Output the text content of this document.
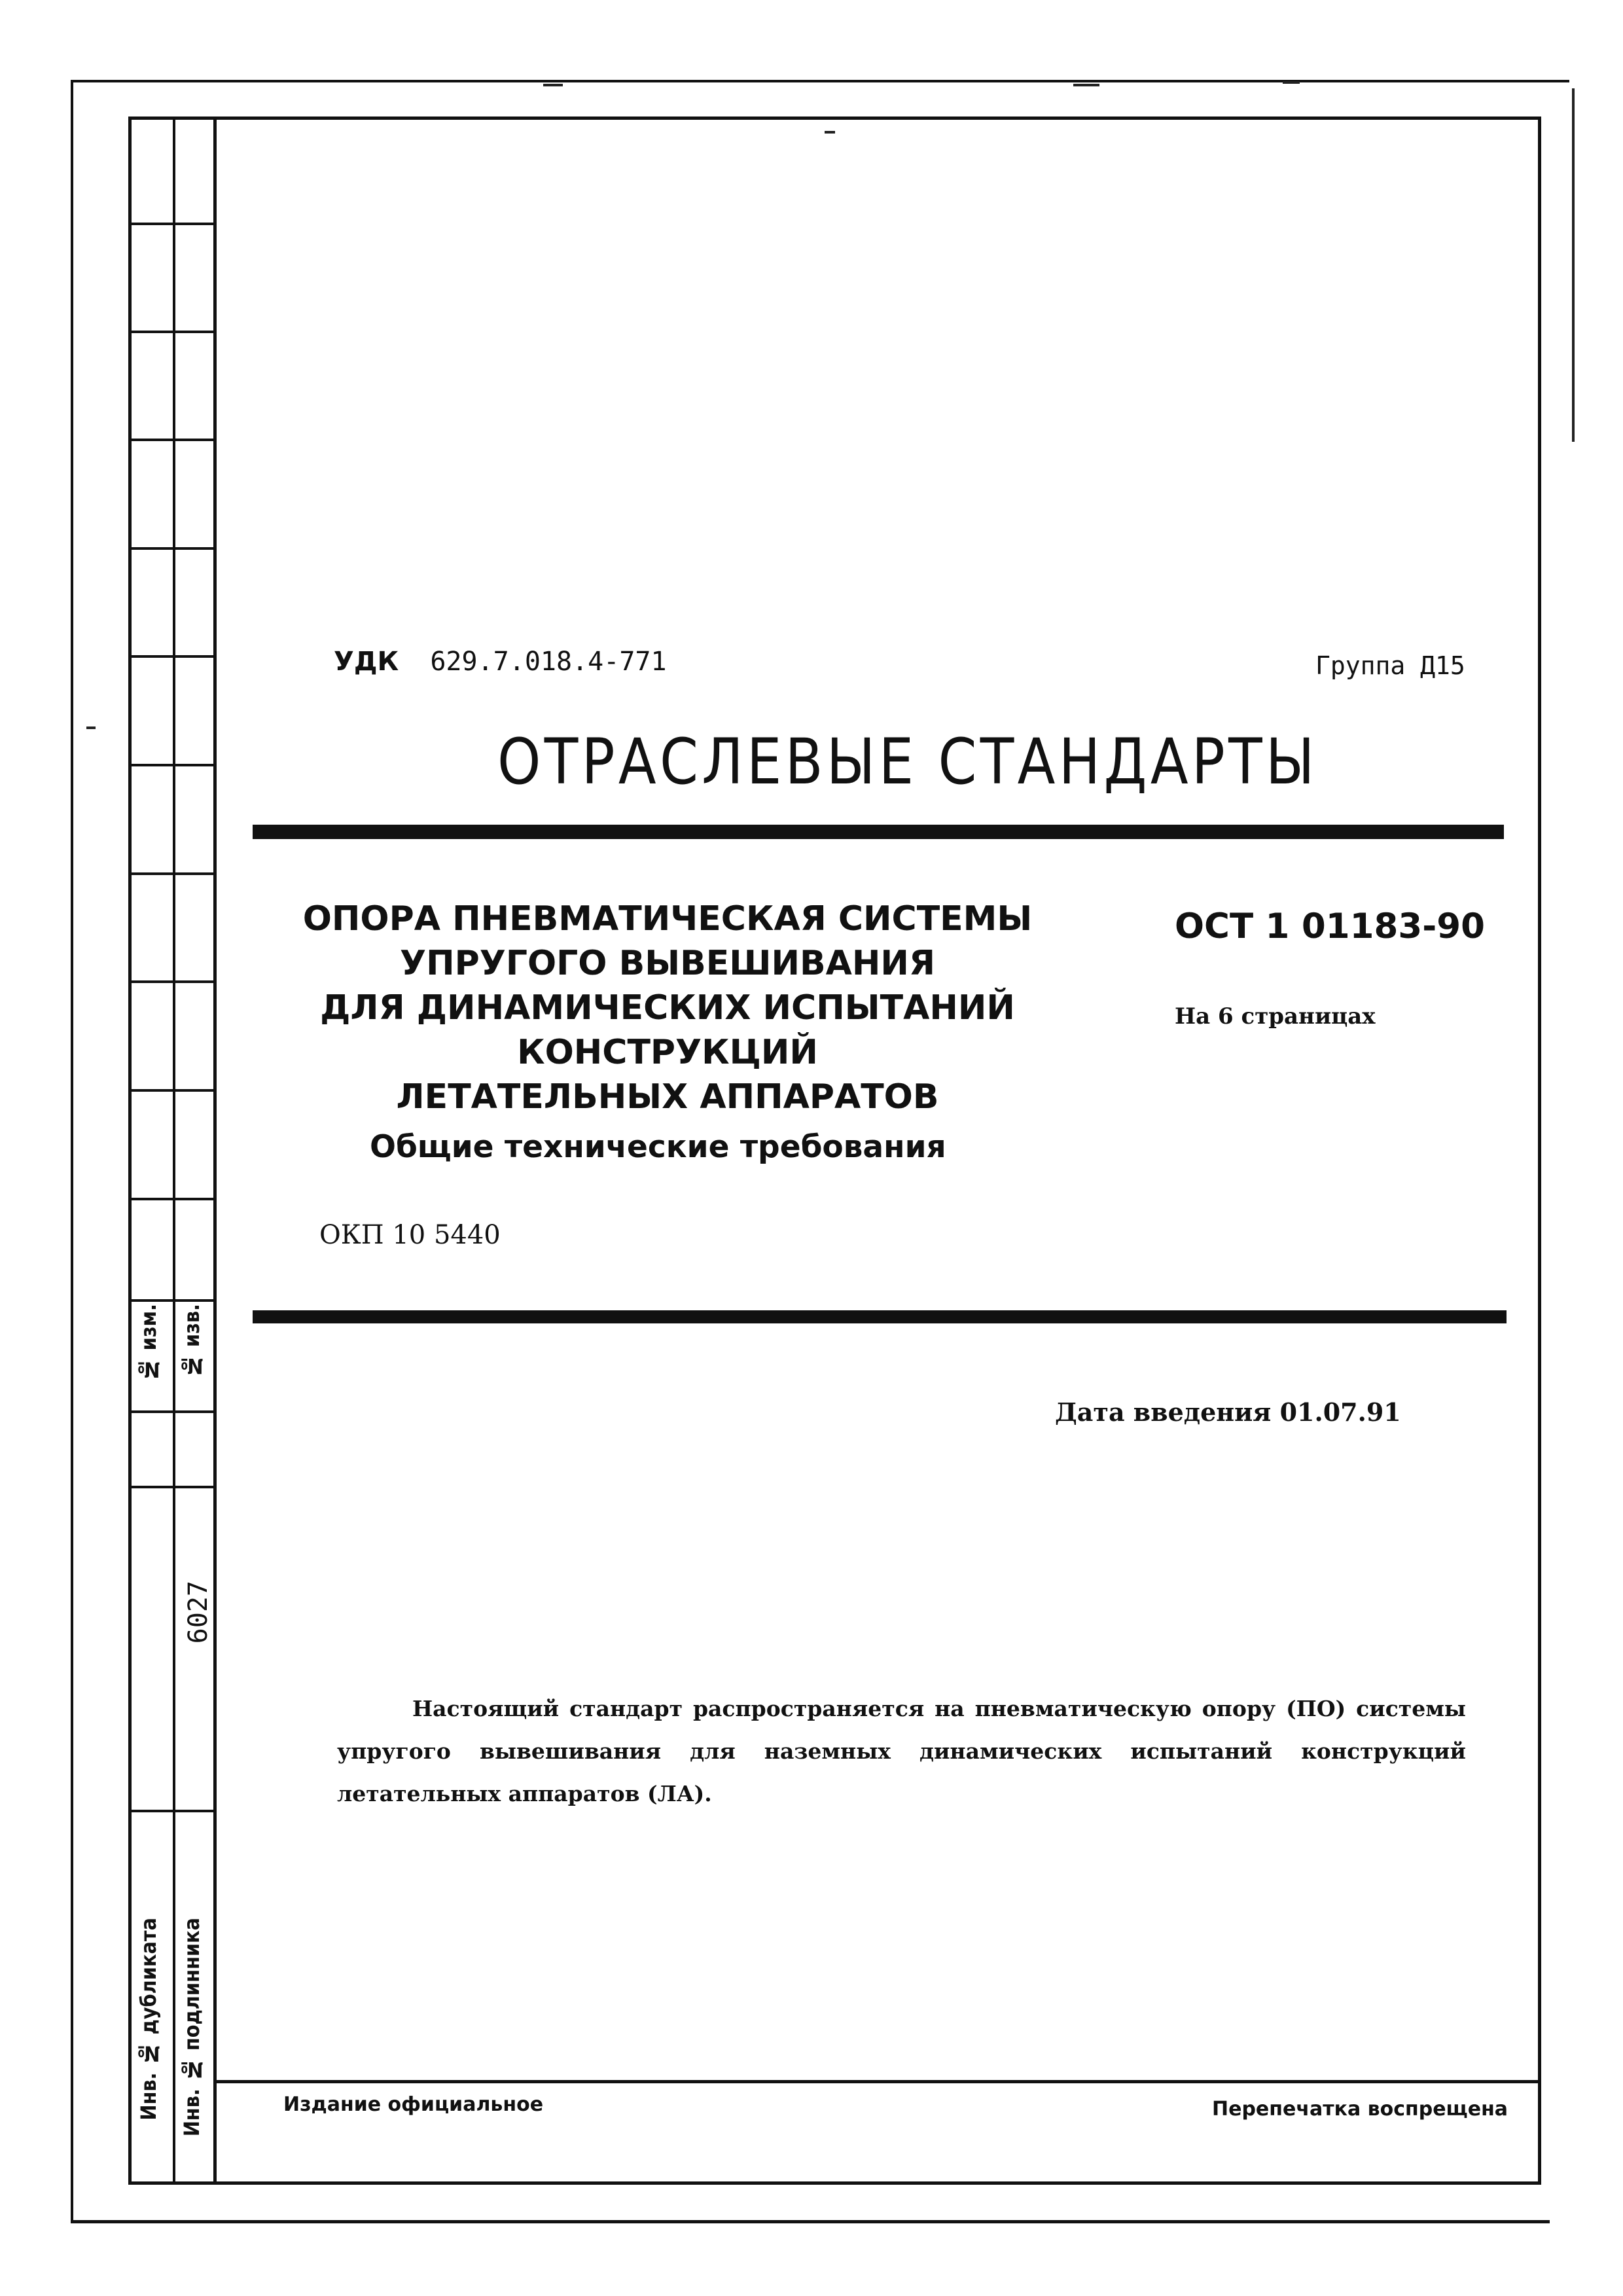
№ изм. № изв.
6027
Инв. № дубликата Инв. № подлинника
УДК 629.7.018.4-771	Группа Д15
ОТРАСЛЕВЫЕ СТАНДАРТЫ
ОПОРА ПНЕВМАТИЧЕСКАЯ СИСТЕМЫ
УПРУГОГО ВЫВЕШИВАНИЯ
ДЛЯ ДИНАМИЧЕСКИХ ИСПЫТАНИЙ
КОНСТРУКЦИЙ
ЛЕТАТЕЛЬНЫХ АППАРАТОВ
Общие технические требования
ОКП 10 5440
ОСТ 1 01183-90
На 6 страницах
Дата введения 01.07.91
Настоящий стандарт распространяется на пневматическую опору (ПО) системы упругого вывешивания для наземных динамических испытаний конструкций летательных аппаратов (ЛА).
Издание официальное	Перепечатка воспрещена
